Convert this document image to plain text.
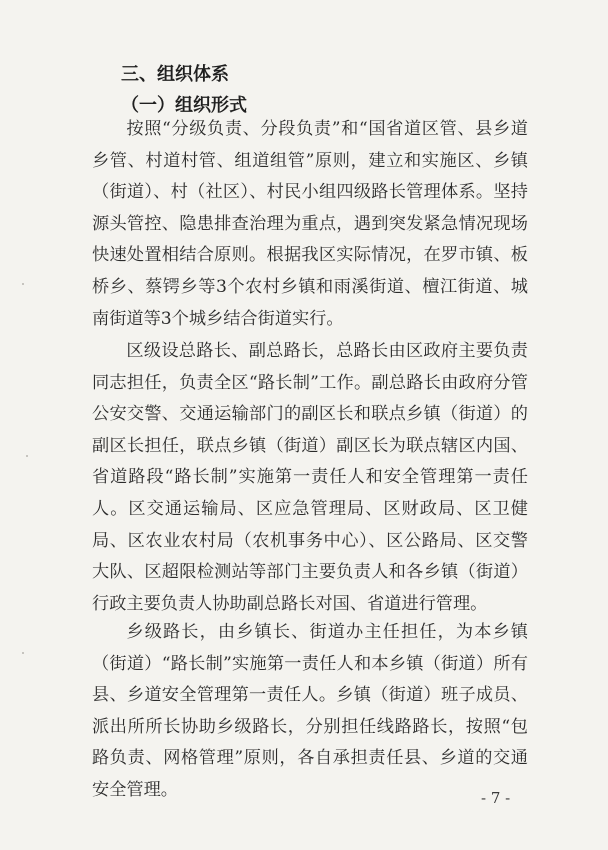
三、组织体系
（一）组织形式

按照“分级负责、分段负责”和“国省道区管、县乡道乡管、村道村管、组道组管”原则，建立和实施区、乡镇（街道）、村（社区）、村民小组四级路长管理体系。坚持源头管控、隐患排查治理为重点，遇到突发紧急情况现场快速处置相结合原则。根据我区实际情况，在罗市镇、板桥乡、蔡锷乡等3个农村乡镇和雨溪街道、檀江街道、城南街道等3个城乡结合街道实行。

区级设总路长、副总路长，总路长由区政府主要负责同志担任，负责全区“路长制”工作。副总路长由政府分管公安交警、交通运输部门的副区长和联点乡镇（街道）的副区长担任，联点乡镇（街道）副区长为联点辖区内国、省道路段“路长制”实施第一责任人和安全管理第一责任人。区交通运输局、区应急管理局、区财政局、区卫健局、区农业农村局（农机事务中心）、区公路局、区交警大队、区超限检测站等部门主要负责人和各乡镇（街道）行政主要负责人协助副总路长对国、省道进行管理。

乡级路长，由乡镇长、街道办主任担任，为本乡镇（街道）“路长制”实施第一责任人和本乡镇（街道）所有县、乡道安全管理第一责任人。乡镇（街道）班子成员、派出所所长协助乡级路长，分别担任线路路长，按照“包路负责、网格管理”原则，各自承担责任县、乡道的交通安全管理。	- 7 -
